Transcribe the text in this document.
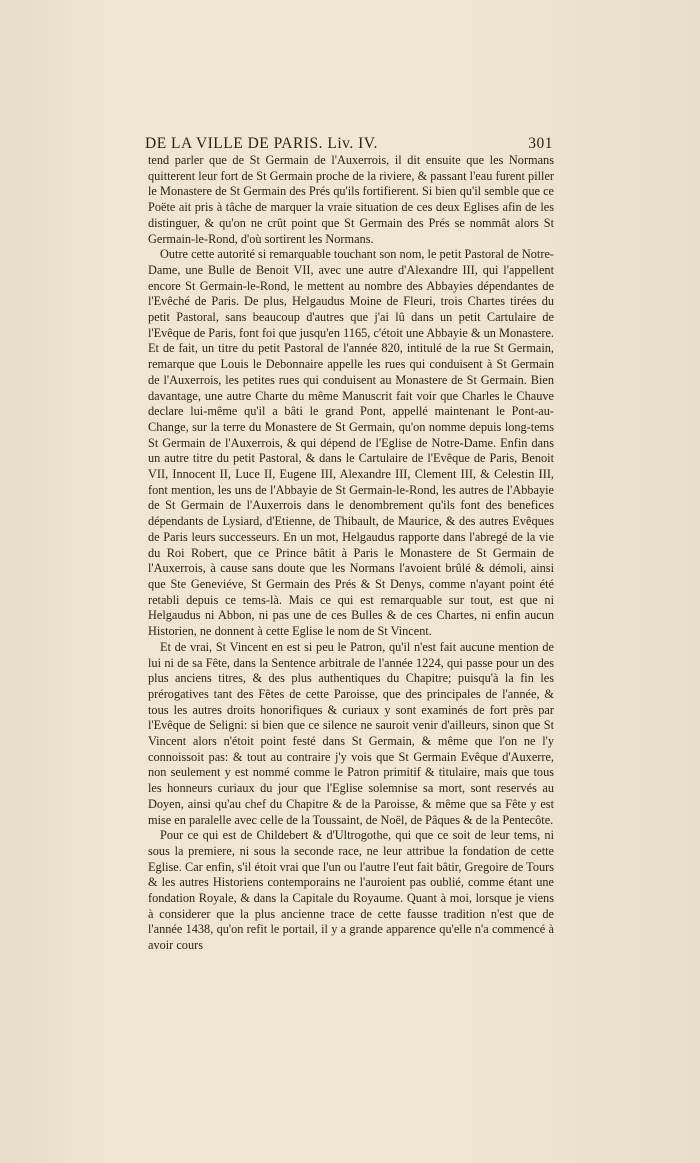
DE LA VILLE DE PARIS. Liv. IV.	301

tend parler que de St Germain de l'Auxerrois, il dit ensuite que les Normans quitterent leur fort de St Germain proche de la riviere, & passant l'eau furent piller le Monastere de St Germain des Prés qu'ils fortifierent. Si bien qu'il semble que ce Poëte ait pris à tâche de marquer la vraie situation de ces deux Eglises afin de les distinguer, & qu'on ne crût point que St Germain des Prés se nommât alors St Germain-le-Rond, d'où sortirent les Normans.

Outre cette autorité si remarquable touchant son nom, le petit Pastoral de Notre-Dame, une Bulle de Benoit VII, avec une autre d'Alexandre III, qui l'appellent encore St Germain-le-Rond, le mettent au nombre des Abbayies dépendantes de l'Evêché de Paris. De plus, Helgaudus Moine de Fleuri, trois Chartes tirées du petit Pastoral, sans beaucoup d'autres que j'ai lû dans un petit Cartulaire de l'Evêque de Paris, font foi que jusqu'en 1165, c'étoit une Abbayie & un Monastere. Et de fait, un titre du petit Pastoral de l'année 820, intitulé de la rue St Germain, remarque que Louis le Debonnaire appelle les rues qui conduisent à St Germain de l'Auxerrois, les petites rues qui conduisent au Monastere de St Germain. Bien davantage, une autre Charte du même Manuscrit fait voir que Charles le Chauve declare lui-même qu'il a bâti le grand Pont, appellé maintenant le Pont-au-Change, sur la terre du Monastere de St Germain, qu'on nomme depuis long-tems St Germain de l'Auxerrois, & qui dépend de l'Eglise de Notre-Dame. Enfin dans un autre titre du petit Pastoral, & dans le Cartulaire de l'Evêque de Paris, Benoit VII, Innocent II, Luce II, Eugene III, Alexandre III, Clement III, & Celestin III, font mention, les uns de l'Abbayie de St Germain-le-Rond, les autres de l'Abbayie de St Germain de l'Auxerrois dans le denombrement qu'ils font des benefices dépendants de Lysiard, d'Etienne, de Thibault, de Maurice, & des autres Evêques de Paris leurs successeurs. En un mot, Helgaudus rapporte dans l'abregé de la vie du Roi Robert, que ce Prince bâtit à Paris le Monastere de St Germain de l'Auxerrois, à cause sans doute que les Normans l'avoient brûlé & démoli, ainsi que Ste Geneviéve, St Germain des Prés & St Denys, comme n'ayant point été retabli depuis ce tems-là. Mais ce qui est remarquable sur tout, est que ni Helgaudus ni Abbon, ni pas une de ces Bulles & de ces Chartes, ni enfin aucun Historien, ne donnent à cette Eglise le nom de St Vincent.

Et de vrai, St Vincent en est si peu le Patron, qu'il n'est fait aucune mention de lui ni de sa Fête, dans la Sentence arbitrale de l'année 1224, qui passe pour un des plus anciens titres, & des plus authentiques du Chapitre; puisqu'à la fin les prérogatives tant des Fêtes de cette Paroisse, que des principales de l'année, & tous les autres droits honorifiques & curiaux y sont examinés de fort près par l'Evêque de Seligni: si bien que ce silence ne sauroit venir d'ailleurs, sinon que St Vincent alors n'étoit point festé dans St Germain, & même que l'on ne l'y connoissoit pas: & tout au contraire j'y vois que St Germain Evêque d'Auxerre, non seulement y est nommé comme le Patron primitif & titulaire, mais que tous les honneurs curiaux du jour que l'Eglise solemnise sa mort, sont reservés au Doyen, ainsi qu'au chef du Chapitre & de la Paroisse, & même que sa Fête y est mise en paralelle avec celle de la Toussaint, de Noël, de Pâques & de la Pentecôte.

Pour ce qui est de Childebert & d'Ultrogothe, qui que ce soit de leur tems, ni sous la premiere, ni sous la seconde race, ne leur attribue la fondation de cette Eglise. Car enfin, s'il étoit vrai que l'un ou l'autre l'eut fait bâtir, Gregoire de Tours & les autres Historiens contemporains ne l'auroient pas oublié, comme étant une fondation Royale, & dans la Capitale du Royaume. Quant à moi, lorsque je viens à considerer que la plus ancienne trace de cette fausse tradition n'est que de l'année 1438, qu'on refit le portail, il y a grande apparence qu'elle n'a commencé à avoir cours
